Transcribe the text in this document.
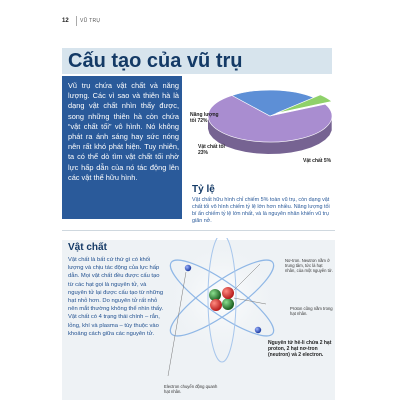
12 VŨ TRỤ
Cấu tạo của vũ trụ

Vũ trụ chứa vật chất và năng lượng. Các vì sao và thiên hà là dạng vật chất nhìn thấy được, song những thiên hà còn chứa “vật chất tối” vô hình. Nó không phát ra ánh sáng hay sức nóng nên rất khó phát hiện. Tuy nhiên, ta có thể dò tìm vật chất tối nhờ lực hấp dẫn của nó tác động lên các vật thể hữu hình.

Năng lượng tối 72%
Vật chất tối 23%
Vật chất 5%
Tỷ lệ

Vật chất hữu hình chỉ chiếm 5% toàn vũ trụ, còn dạng vật chất tối vô hình chiếm tỷ lệ lớn hơn nhiều. Năng lượng tối bí ẩn chiếm tỷ lệ lớn nhất, và là nguyên nhân khiến vũ trụ giãn nở.

Vật chất

Vật chất là bất cứ thứ gì có khối lượng và chịu tác động của lực hấp dẫn. Mọi vật chất đều được cấu tạo từ các hạt gọi là nguyên tử, và nguyên tử lại được cấu tạo từ những hạt nhỏ hơn. Do nguyên tử rất nhỏ nên mắt thường không thể nhìn thấy. Vật chất có 4 trạng thái chính – rắn, lỏng, khí và plasma – tùy thuộc vào khoảng cách giữa các nguyên tử.

Nơ-tron. Neutron nằm ở trung tâm, tức là hạt nhân, của một nguyên tử.
Proton cũng nằm trong hạt nhân.
Electron chuyển động quanh hạt nhân.
Nguyên tử hê-li chứa 2 hạt proton, 2 hạt nơ-tron (neutron) và 2 electron.
